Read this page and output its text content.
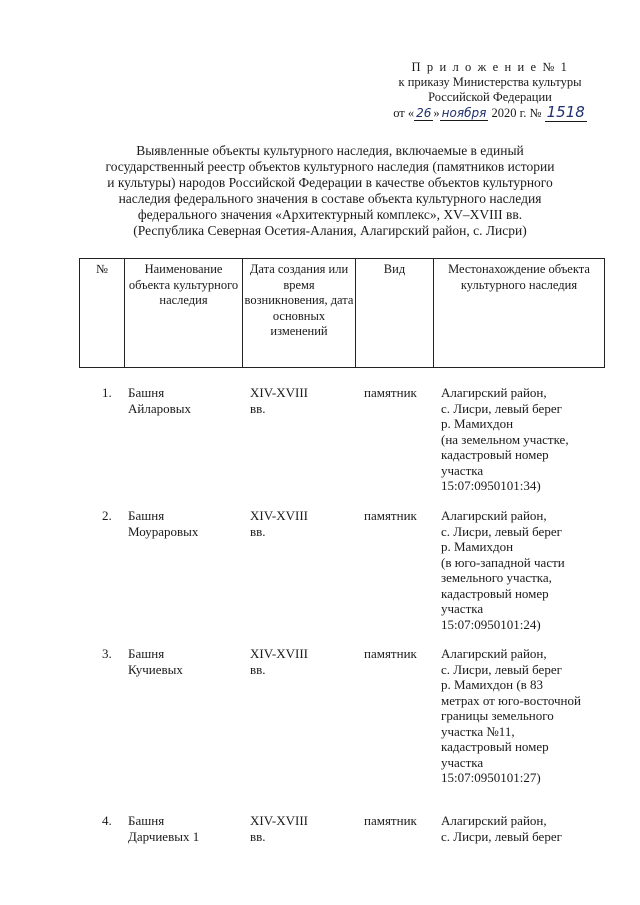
П р и л о ж е н и е № 1
к приказу Министерства культуры
Российской Федерации
от « 26 » ноября 2020 г. № 1518
Выявленные объекты культурного наследия, включаемые в единый
государственный реестр объектов культурного наследия (памятников истории
и культуры) народов Российской Федерации в качестве объектов культурного
наследия федерального значения в составе объекта культурного наследия
федерального значения «Архитектурный комплекс», XV–XVIII вв.
(Республика Северная Осетия-Алания, Алагирский район, с. Лисри)
№	Наименование объекта культурного наследия
Дата создания или время возникновения, дата основных изменений
Вид	Местонахождение объекта культурного наследия
1. Башня
Айларовых
XIV-XVIII
вв.
памятник Алагирский район,
с. Лисри, левый берег
р. Мамихдон
(на земельном участке,
кадастровый номер
участка
15:07:0950101:34)
2. Башня
Моураровых
XIV-XVIII
вв.
памятник Алагирский район,
с. Лисри, левый берег
р. Мамихдон
(в юго-западной части
земельного участка,
кадастровый номер
участка
15:07:0950101:24)
3. Башня
Кучиевых
XIV-XVIII
вв.
памятник Алагирский район,
с. Лисри, левый берег
р. Мамихдон (в 83
метрах от юго-восточной
границы земельного
участка №11,
кадастровый номер
участка
15:07:0950101:27)
4. Башня
Дарчиевых 1
XIV-XVIII
вв.
памятник Алагирский район,
с. Лисри, левый берег
